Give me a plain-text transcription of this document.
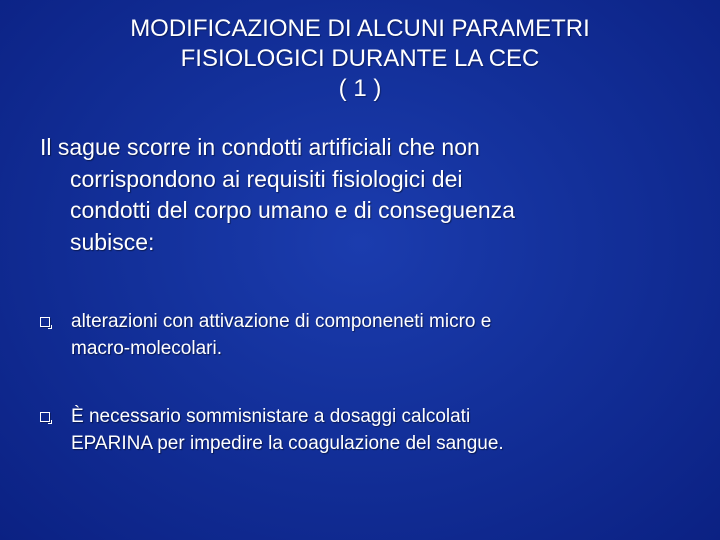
MODIFICAZIONE DI ALCUNI PARAMETRI
FISIOLOGICI DURANTE LA CEC
( 1 )
Il sague scorre in condotti artificiali che non
corrispondono ai requisiti fisiologici dei
condotti del corpo umano e di conseguenza
subisce:
alterazioni con attivazione di componeneti micro e
macro-molecolari.
È necessario sommisnistare a dosaggi calcolati
EPARINA per impedire la coagulazione del sangue.
